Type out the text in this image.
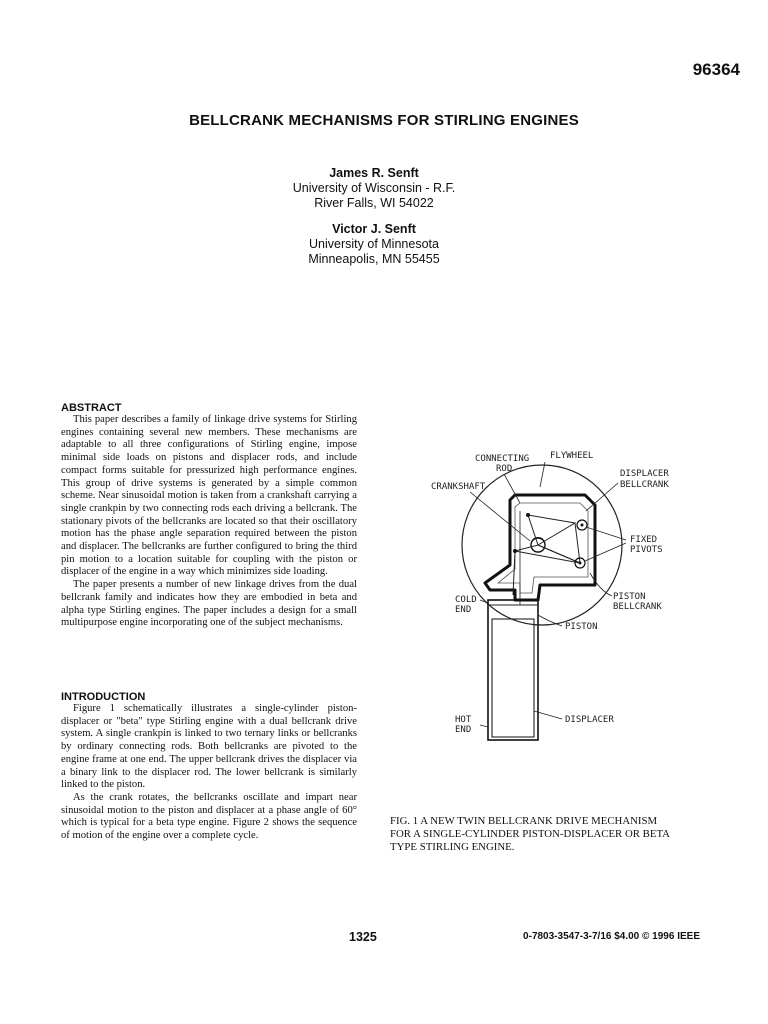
96364
BELLCRANK MECHANISMS FOR STIRLING ENGINES
James R. Senft
University of Wisconsin - R.F.
River Falls, WI 54022
Victor J. Senft
University of Minnesota
Minneapolis, MN 55455
ABSTRACT

This paper describes a family of linkage drive systems for Stirling engines containing several new members. These mechanisms are adaptable to all three configurations of Stirling engine, impose minimal side loads on pistons and displacer rods, and include compact forms suitable for pressurized high performance engines. This group of drive systems is generated by a simple common scheme. Near sinusoidal motion is taken from a crankshaft carrying a single crankpin by two connecting rods each driving a bellcrank. The stationary pivots of the bellcranks are located so that their oscillatory motion has the phase angle separation required between the piston and displacer. The bellcranks are further configured to bring the third pin motion to a location suitable for coupling with the piston or displacer of the engine in a way which minimizes side loading.

The paper presents a number of new linkage drives from the dual bellcrank family and indicates how they are embodied in beta and alpha type Stirling engines. The paper includes a design for a small multipurpose engine incorporating one of the subject mechanisms.

INTRODUCTION

Figure 1 schematically illustrates a single-cylinder piston-displacer or "beta" type Stirling engine with a dual bellcrank drive system. A single crankpin is linked to two ternary links or bellcranks by ordinary connecting rods. Both bellcranks are pivoted to the engine frame at one end. The upper bellcrank drives the displacer via a binary link to the displacer rod. The lower bellcrank is similarly linked to the piston.

As the crank rotates, the bellcranks oscillate and impart near sinusoidal motion to the piston and displacer at a phase angle of 60° which is typical for a beta type engine. Figure 2 shows the sequence of motion of the engine over a complete cycle.

CONNECTING
ROD
FLYWHEEL
CRANKSHAFT
DISPLACER
BELLCRANK
FIXED
PIVOTS
COLD
END
PISTON
BELLCRANK
PISTON
HOT
END
DISPLACER
FIG. 1 A NEW TWIN BELLCRANK DRIVE MECHANISM
FOR A SINGLE-CYLINDER PISTON-DISPLACER OR BETA
TYPE STIRLING ENGINE.
1325	0-7803-3547-3-7/16 $4.00 © 1996 IEEE
